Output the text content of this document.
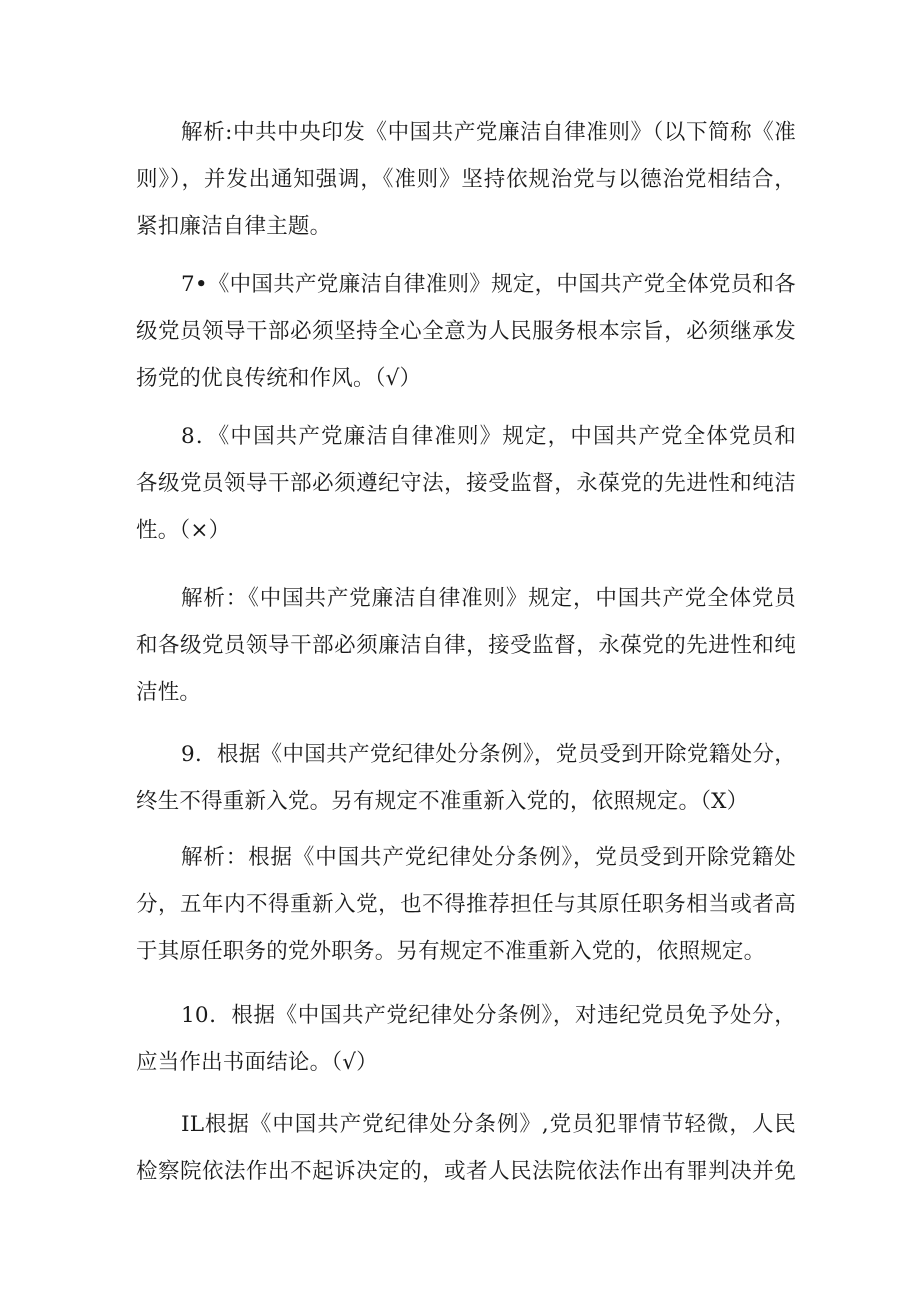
解析:中共中央印发《中国共产党廉洁自律准则》（以下简称《准
则》），并发出通知强调，《准则》坚持依规治党与以德治党相结合，
紧扣廉洁自律主题。
7•《中国共产党廉洁自律准则》规定，中国共产党全体党员和各
级党员领导干部必须坚持全心全意为人民服务根本宗旨，必须继承发
扬党的优良传统和作风。（√）
8．《中国共产党廉洁自律准则》规定，中国共产党全体党员和
各级党员领导干部必须遵纪守法，接受监督，永葆党的先进性和纯洁
性。（×）
解析：《中国共产党廉洁自律准则》规定，中国共产党全体党员
和各级党员领导干部必须廉洁自律，接受监督，永葆党的先进性和纯
洁性。
9．根据《中国共产党纪律处分条例》，党员受到开除党籍处分，
终生不得重新入党。另有规定不准重新入党的，依照规定。（X）
解析：根据《中国共产党纪律处分条例》，党员受到开除党籍处
分，五年内不得重新入党，也不得推荐担任与其原任职务相当或者高
于其原任职务的党外职务。另有规定不准重新入党的，依照规定。
10．根据《中国共产党纪律处分条例》，对违纪党员免予处分，
应当作出书面结论。（√）
IL根据《中国共产党纪律处分条例》,党员犯罪情节轻微，人民
检察院依法作出不起诉决定的，或者人民法院依法作出有罪判决并免
